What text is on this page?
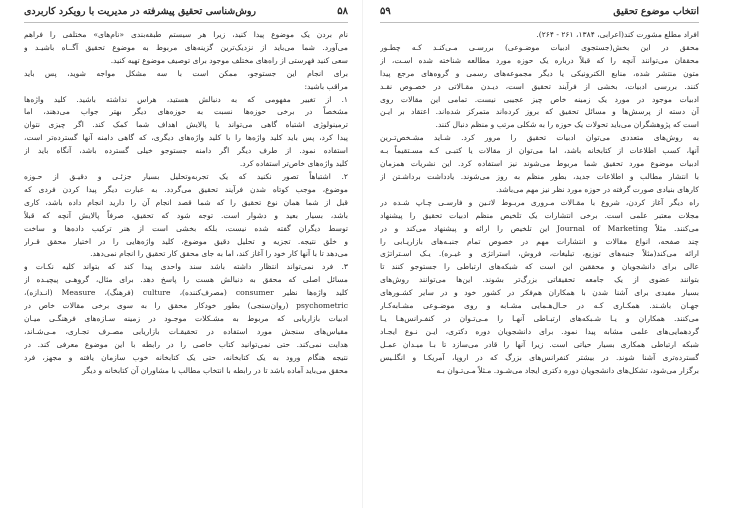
۵۸
روش‌شناسی تحقیق پیشرفته در مدیریت با رویکرد کاربردی
نام بردن یک موضوع پیدا کنید، زیرا هر سیستم طبقه‌بندی «نام‌های» مختلفی را فراهم
می‌آورد. شما می‌باید از نزدیک‌ترین گزینه‌های مربوط به موضوع تحقیق آگــاه باشیـد و
سعی کنید فهرستی از راه‌های مختلف موجود برای توصیف موضوع تهیه کنید.
برای انجام این جستوجو، ممکن است با سه مشکل مواجه شوید، پس باید
مراقب باشید:
۱. از تغییر مفهومی که به دنبالش هستید، هراس نداشته باشید. کلید واژه‌ها
مشخصاً در برخی حوزه‌ها نسبت به حوزه‌های دیگر بهتر جواب می‌دهند، اما
ترمینولوژی اشتباه گاهی می‌تواند یا پالایش اهداف شما کمک کند. اگر چیزی نتوان
پیدا کرد، پس باید کلید واژه‌ها را با کلید واژه‌های دیگری، که گاهی دامنه آنها گسترده‌تر است،
استفاده نمود. از طرف دیگر اگر دامنه جستوجو خیلی گسترده باشد، آنگاه باید از
کلید واژه‌های خاص‌تر استفاده کرد.
۲. اشتباهاً تصور نکنید که یک تجربه‌وتحلیل بسیار جزئـی و دقیـق از حـوزه
موضوع، موجب کوتاه شدن فرآیند تحقیق می‌گردد. به عبارت دیگر پیدا کردن فردی که
قبل از شما همان نوع تحقیق را که شما قصد انجام آن را دارید انجام داده باشد، کاری
باشد، بسیار بعید و دشوار است. توجه شود که تحقیق، صرفاً پالایش آنچه که قبلاً
توسط دیگران گفته شده نیست، بلکه بخشی است از هنر ترکیب داده‌ها و ساخت
و خلق نتیجه. تجزیه و تحلیل دقیق موضوع، کلید واژه‌هایی را در اختیار محقق قـرار
می‌دهد تا با آنها کار خود را آغاز کند، اما به جای محقق کار تحقیق را انجام نمی‌دهد.
۳. فرد نمی‌تواند انتظار داشته باشد سند واحدی پیدا کند که بتواند کلیه نکـات و
مسائل اصلی که محقق به دنبالش هست را پاسخ دهد. برای مثال، گروهـی پیچیـده از
کلید واژه‌ها نظیر consumer (مصرف‌کننده)، culture (فرهنگ)، Measure (انـدازه)،
psychometric (روان‌سنجی) بطور خودکار محقق را به سوی برخی مقالات خاص در
ادبیات بازاریابی که مربوط به مشـکلات موجـود در زمینه سـاز‌ه‌های فرهنگـی میـان
مقیاس‌های سنجش مورد استفاده در تحقیقـات بازاریابی مصـرف تجـاری، مـی‌شـاند،
هدایت نمی‌کند. حتی نمی‌توانید کتاب خاصی را در رابطه با این موضوع معرفی کند. در
نتیجه هنگام ورود به یک کتابخانه، حتی یک کتابخانه خوب سازمان یافته و مجهز، فرد
محقق می‌باید آماده باشد تا در رابطه با انتخاب مطالب با مشاوران آن کتابخانه و دیگر
انتخاب موضوع تحقیق
۵۹
افراد مطلع مشورت کند(اعرابی، ۱۳۸۴، ۲۶۱ - ۲۶۴).
محقق در این بخش(جستجوی ادبیات موضـوعی) بررسـی مـی‌کنـد کـه چطـور
محققان می‌توانند آنچه را که قبلاً درباره یک حوزه مورد مطالعه شناخته شده اسـت، از
متون منتشر شده، منابع الکترونیکی یا دیگر مجموعه‌های رسمی و گروه‌های مرجع پیدا
کنند. بررسی ادبیات، بخشی از فرآیند تحقیق است، دیـدن مقـالاتی در خصـوص نقـد
ادبیات موجود در مورد یک زمینه خاص چیز عجیبی نیست. تمامی این مقالات روی
آن دسته از پرسش‌ها و مسائل تحقیق که بروز کرده‌اند متمرکز شده‌اند. اعتقاد بر ایـن
است که پژوهشگران می‌باید تحولات یک حوزه را به شکلی مرتب و منظم دنبال کنند.
به روش‌های متعددی می‌توان ادبیات تحقیق را مرور کرد. شـاید مشـخص‌تـرین
آنها، کسب اطلاعات از کتابخانه باشد، اما می‌توان از مقالات یا کتبـی کـه مسـتقیماً بـه
ادبیات موضوع مورد تحقیق شما مربوط می‌شوند نیز استفاده کرد. این نشریات همزمان
با انتشار مطالب و اطلاعات جدید، بطور منظم به روز می‌شوند. یادداشت برداشـتن از
کارهای بنیادی صورت گرفته در حوزه مورد نظر نیز مهم می‌باشد.
راه دیگر آغاز کردن، شروع با مقـالات مـروری مربـوط لاتـین و فارسـی چـاپ شـده در
مجلات معتبر علمی است. برخی انتشارات یک تلخیص منظم ادبیات تحقیق را پیشنهاد
می‌کنند. مثلاً Journal of Marketing این تلخیص را ارائه و پیشنهاد می‌کند و در
چند صفحه، انواع مقالات و انتشارات مهم در خصوص تمام جنبـه‌های بازاریـابی را
ارائه می‌کند(مثلاً جنبه‌های توزیع، تبلیغات، فروش، استراتژی و غیـره). یـک اسـتراتژی
عالی برای دانشجویان و محققین این است که شبکه‌های ارتباطی را جستوجو کنند تا
بتوانند عضوی از یک جامعه تحقیقاتی بزرگ‌تر بشوند. این‌ها می‌توانند روش‌های
بسیار مفیدی برای آشنا شدن با همکاران هم‌فکر در کشور خود و در سایر کشـورهای
جهـان باشـند. همکـاری کـه در حـال‌هـمایی مشـابه و روی موضـوعی مشـابه‌کـار
می‌کنند. همکاران و یـا شـبکه‌های ارتبـاطی آنهـا را مـی‌تـوان در کنفـرانس‌هـا یـا
گردهمایی‌های علمی مشابه پیدا نمود. برای دانشجویان دوره دکتری، ایـن نـوع ایجـاد
شبکه ارتباطی همکاری بسیار حیاتی است. زیرا آنها را قادر می‌سازد تا بـا میـدان عمـل
گسترده‌تری آشنا شوند. در بیشتر کنفرانس‌های بزرگ که در اروپا، آمریکـا و انگلـیس
برگزار می‌شود، تشکل‌های دانشجویان دوره دکتری ایجاد می‌شـود. مـثلاً مـی‌تـوان بـه
